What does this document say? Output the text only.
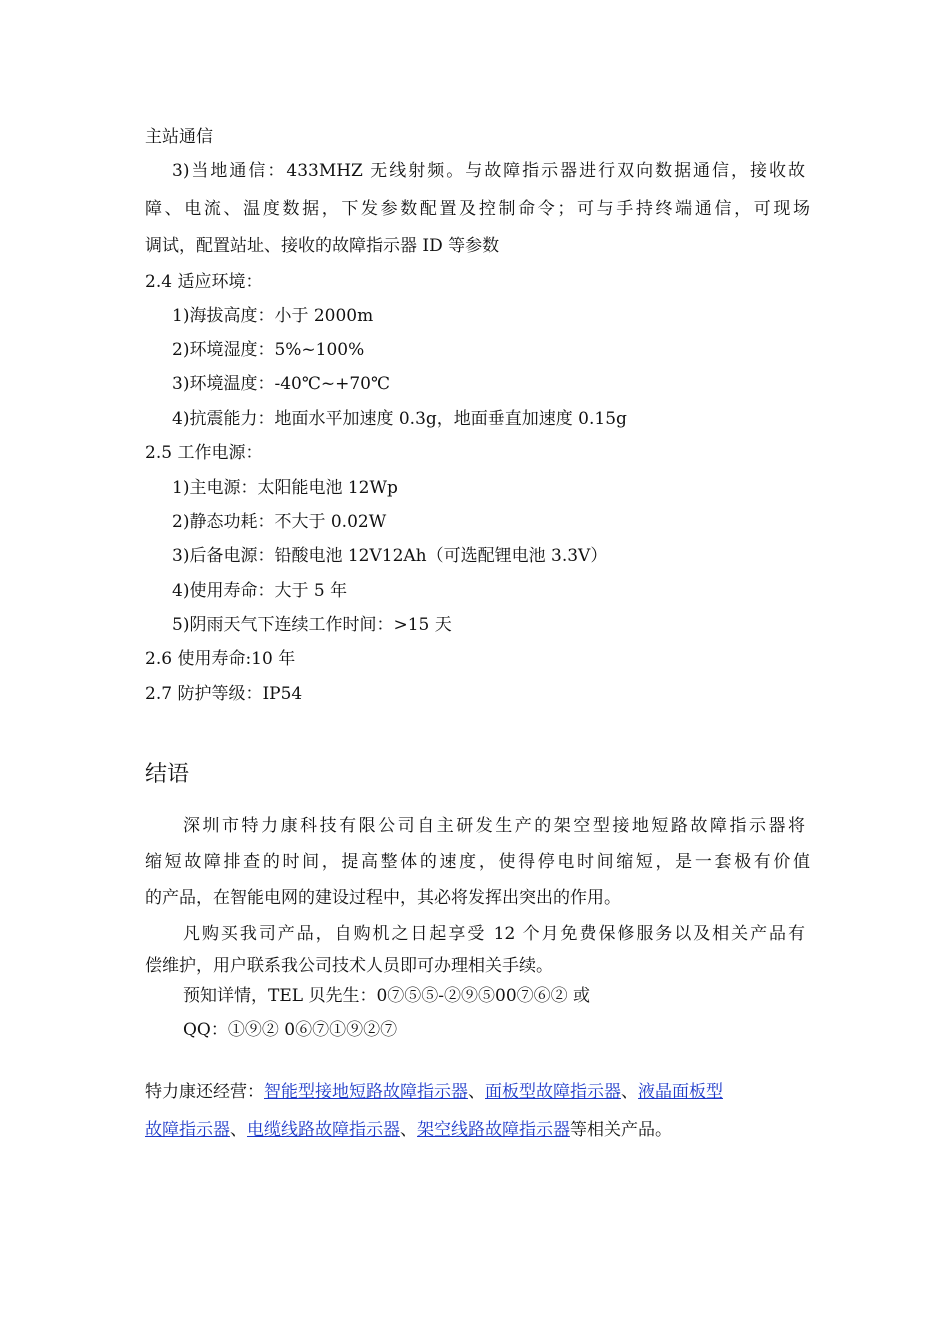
主站通信
3)当地通信：433MHZ 无线射频。与故障指示器进行双向数据通信，接收故
障、电流、温度数据，下发参数配置及控制命令；可与手持终端通信，可现场
调试，配置站址、接收的故障指示器 ID 等参数
2.4 适应环境：
1)海拔高度：小于 2000m
2)环境湿度：5%~100%
3)环境温度：-40℃~+70℃
4)抗震能力：地面水平加速度 0.3g，地面垂直加速度 0.15g
2.5 工作电源：
1)主电源：太阳能电池 12Wp
2)静态功耗：不大于 0.02W
3)后备电源：铅酸电池 12V12Ah（可选配锂电池 3.3V）
4)使用寿命：大于 5 年
5)阴雨天气下连续工作时间：>15 天
2.6 使用寿命:10 年
2.7 防护等级：IP54
结语
深圳市特力康科技有限公司自主研发生产的架空型接地短路故障指示器将
缩短故障排查的时间，提高整体的速度，使得停电时间缩短，是一套极有价值
的产品，在智能电网的建设过程中，其必将发挥出突出的作用。
凡购买我司产品，自购机之日起享受 12 个月免费保修服务以及相关产品有
偿维护，用户联系我公司技术人员即可办理相关手续。
预知详情，TEL 贝先生：0⑦⑤⑤-②⑨⑤00⑦⑥② 或
QQ：①⑨② 0⑥⑦①⑨②⑦
特力康还经营：智能型接地短路故障指示器、面板型故障指示器、液晶面板型
故障指示器、电缆线路故障指示器、架空线路故障指示器等相关产品。
